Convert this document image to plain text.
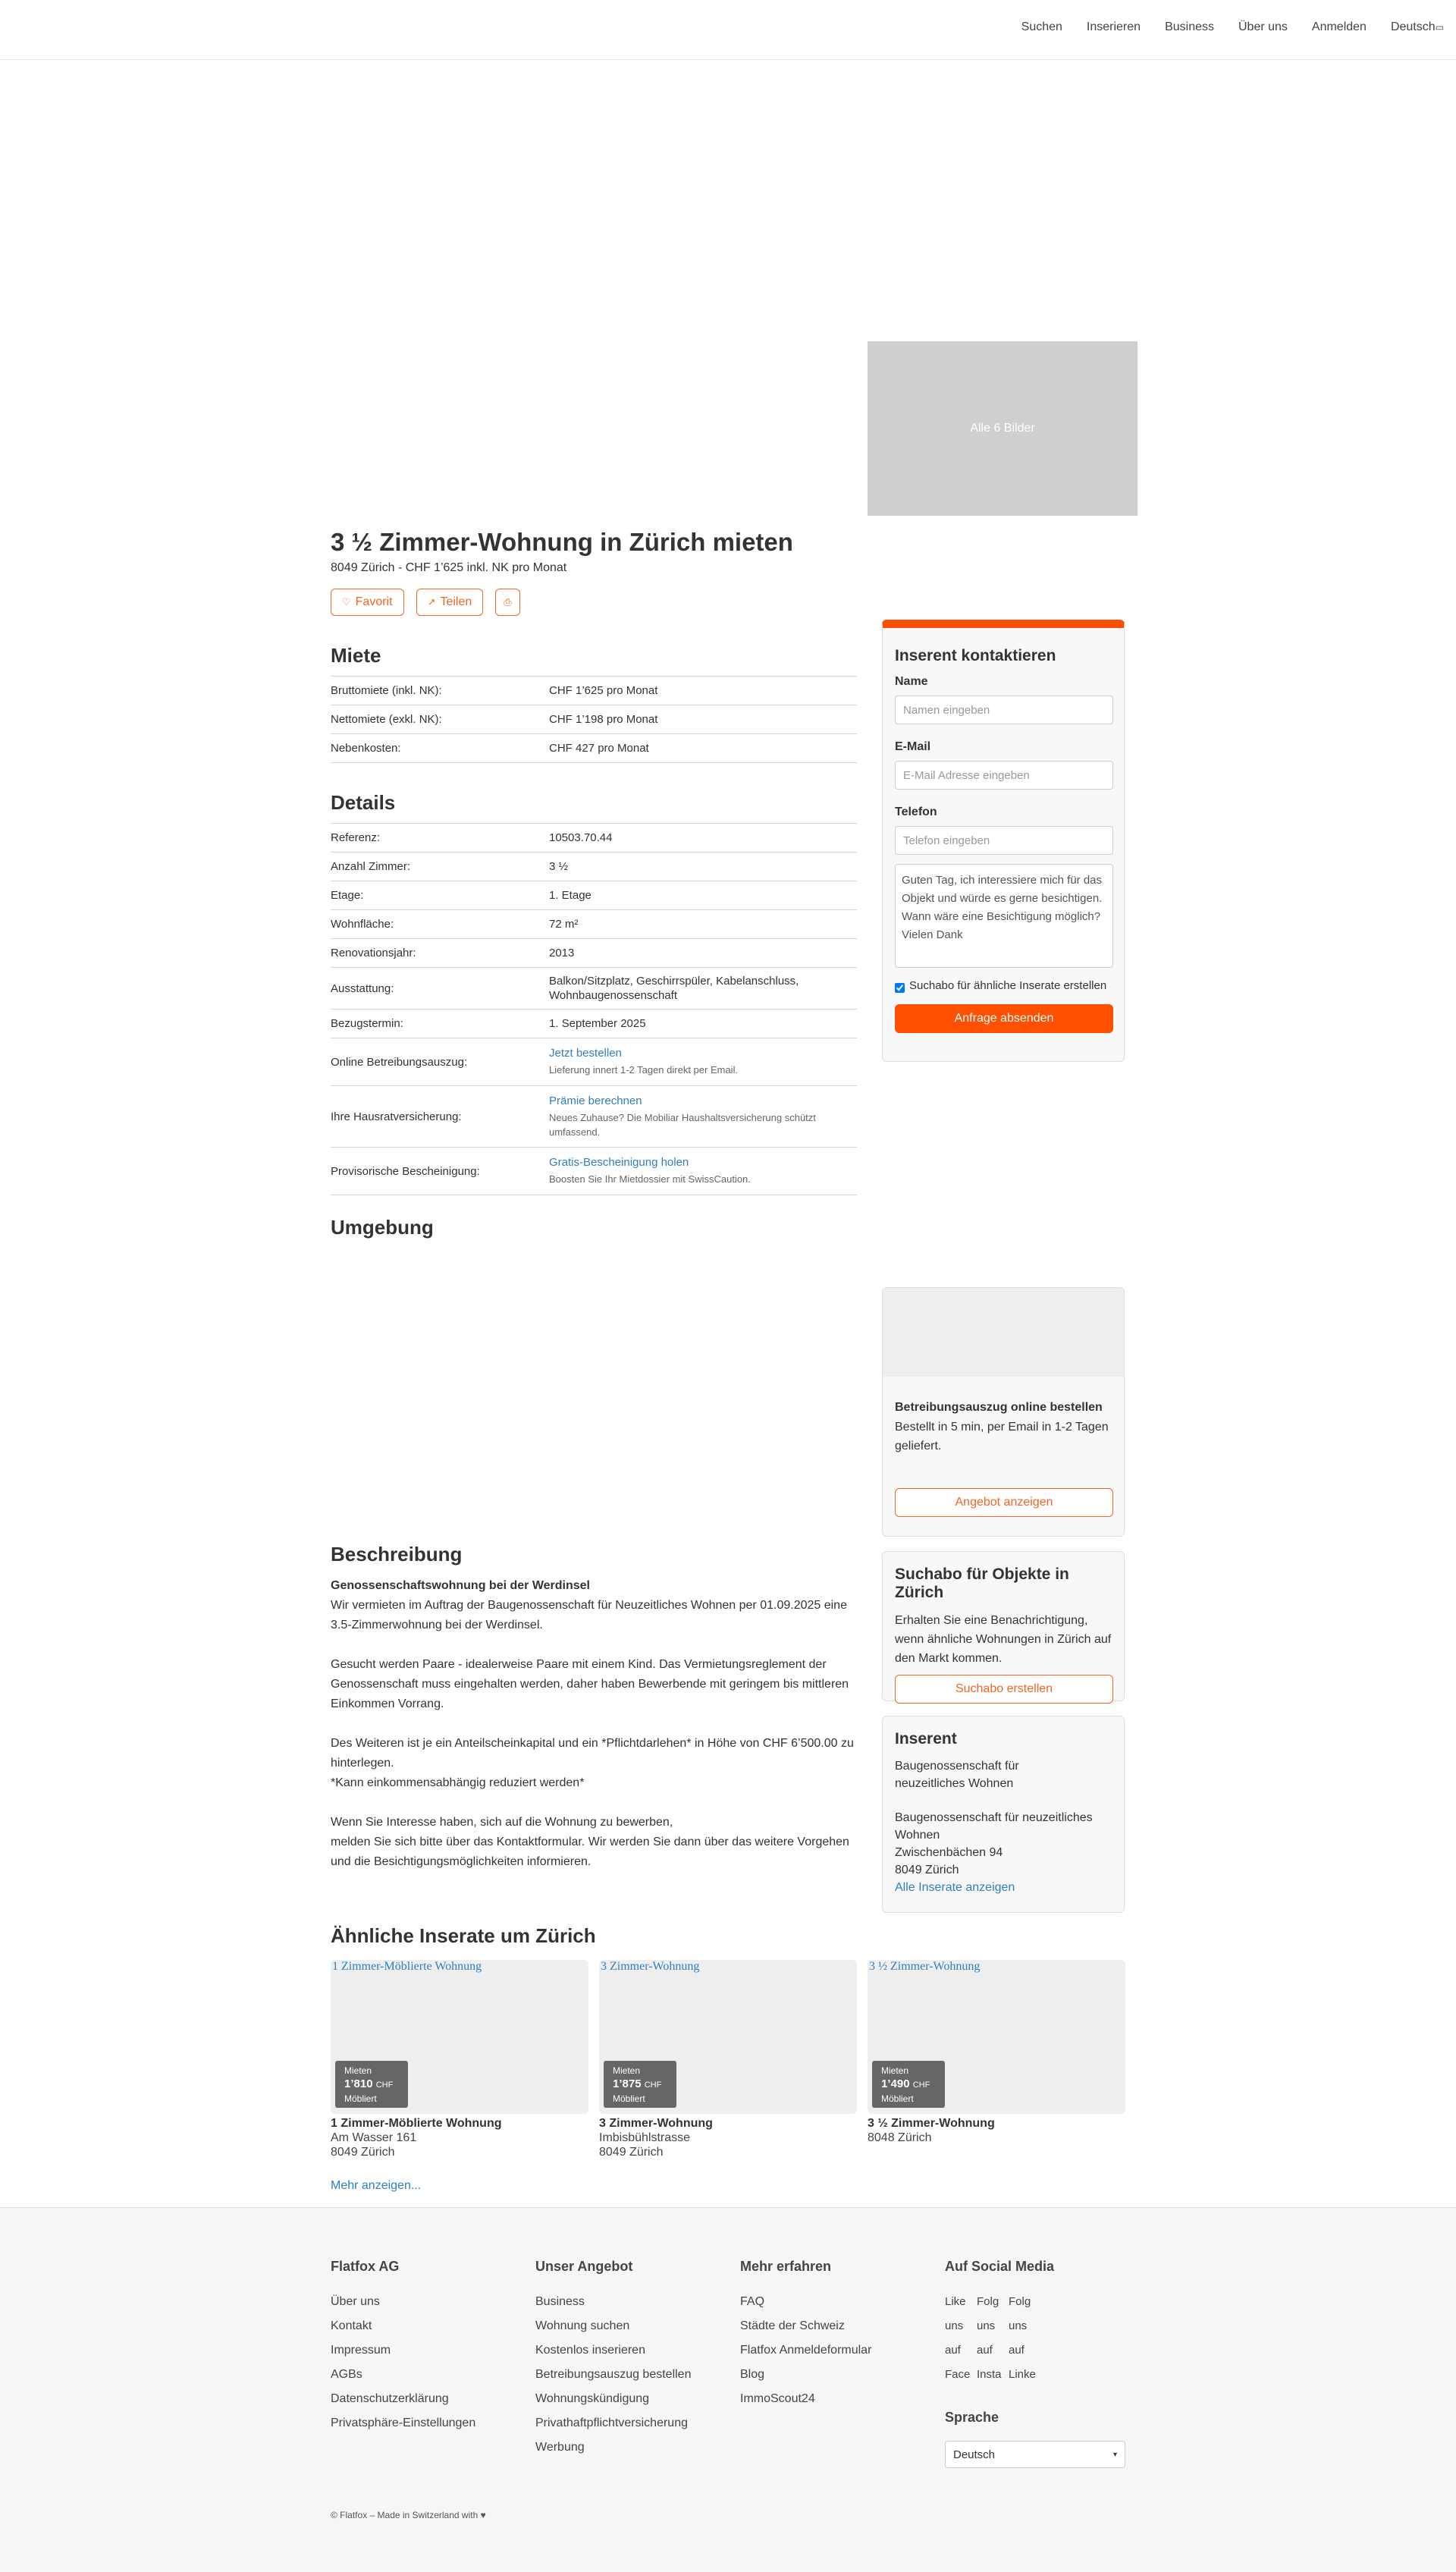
Suchen Inserieren Business Über uns Anmelden Deutsch▭
Alle 6 Bilder
3 ½ Zimmer-Wohnung in Zürich mieten
8049 Zürich - CHF 1’625 inkl. NK pro Monat
♡ Favorit	↗ Teilen	⎙
Miete
Bruttomiete (inkl. NK):	CHF 1’625 pro Monat
Nettomiete (exkl. NK):	CHF 1’198 pro Monat
Nebenkosten:	CHF 427 pro Monat
Details
Referenz:	10503.70.44
Anzahl Zimmer:	3 ½
Etage:	1. Etage
Wohnfläche:	72 m²
Renovationsjahr:	2013
Ausstattung:
Balkon/Sitzplatz, Geschirrspüler, Kabelanschluss, Wohnbaugenossenschaft
Bezugstermin:	1. September 2025
Online Betreibungsauszug:
Jetzt bestellen
Lieferung innert 1-2 Tagen direkt per Email.
Ihre Hausratversicherung:
Prämie berechnen
Neues Zuhause? Die Mobiliar Haushaltsversicherung schützt umfassend.
Provisorische Bescheinigung:
Gratis-Bescheinigung holen
Boosten Sie Ihr Mietdossier mit SwissCaution.
Umgebung
Beschreibung

Genossenschaftswohnung bei der Werdinsel
Wir vermieten im Auftrag der Baugenossenschaft für Neuzeitliches Wohnen per 01.09.2025 eine 3.5-Zimmerwohnung bei der Werdinsel.

Gesucht werden Paare - idealerweise Paare mit einem Kind. Das Vermietungsreglement der Genossenschaft muss eingehalten werden, daher haben Bewerbende mit geringem bis mittleren Einkommen Vorrang.

Des Weiteren ist je ein Anteilscheinkapital und ein *Pflichtdarlehen* in Höhe von CHF 6’500.00 zu hinterlegen.
*Kann einkommensabhängig reduziert werden*

Wenn Sie Interesse haben, sich auf die Wohnung zu bewerben,
melden Sie sich bitte über das Kontaktformular. Wir werden Sie dann über das weitere Vorgehen und die Besichtigungsmöglichkeiten informieren.

Inserent kontaktieren
Name
Namen eingeben
E-Mail
E-Mail Adresse eingeben
Telefon
Telefon eingeben
Guten Tag, ich interessiere mich für das Objekt und würde es gerne besichtigen. Wann wäre eine Besichtigung möglich? Vielen Dank
Suchabo für ähnliche Inserate erstellen
Anfrage absenden
Betreibungsauszug online bestellen
Bestellt in 5 min, per Email in 1-2 Tagen geliefert.
Angebot anzeigen
Suchabo für Objekte in Zürich
Erhalten Sie eine Benachrichtigung, wenn ähnliche Wohnungen in Zürich auf den Markt kommen.
Suchabo erstellen
Inserent
Baugenossenschaft für neuzeitliches Wohnen
Baugenossenschaft für neuzeitliches Wohnen
Zwischenbächen 94
8049 Zürich
Alle Inserate anzeigen
Ähnliche Inserate um Zürich
1 Zimmer-Möblierte Wohnung
Mieten
1’810 CHF
Möbliert
1 Zimmer-Möblierte Wohnung
Am Wasser 161
8049 Zürich
3 Zimmer-Wohnung
Mieten
1’875 CHF
Möbliert
3 Zimmer-Wohnung
Imbisbühlstrasse
8049 Zürich
3 ½ Zimmer-Wohnung
Mieten
1’490 CHF
Möbliert
3 ½ Zimmer-Wohnung
8048 Zürich
Mehr anzeigen...
Flatfox AG
Über uns
Kontakt
Impressum
AGBs
Datenschutzerklärung
Privatsphäre-Einstellungen
Unser Angebot
Business
Wohnung suchen
Kostenlos inserieren
Betreibungsauszug bestellen
Wohnungskündigung
Privathaftpflichtversicherung
Werbung
Mehr erfahren
FAQ
Städte der Schweiz
Flatfox Anmeldeformular
Blog
ImmoScout24
Auf Social Media
Like
uns
auf
Face
Folg
uns
auf
Insta
Folg
uns
auf
Linke
Sprache
Deutsch	▾
© Flatfox – Made in Switzerland with ♥
